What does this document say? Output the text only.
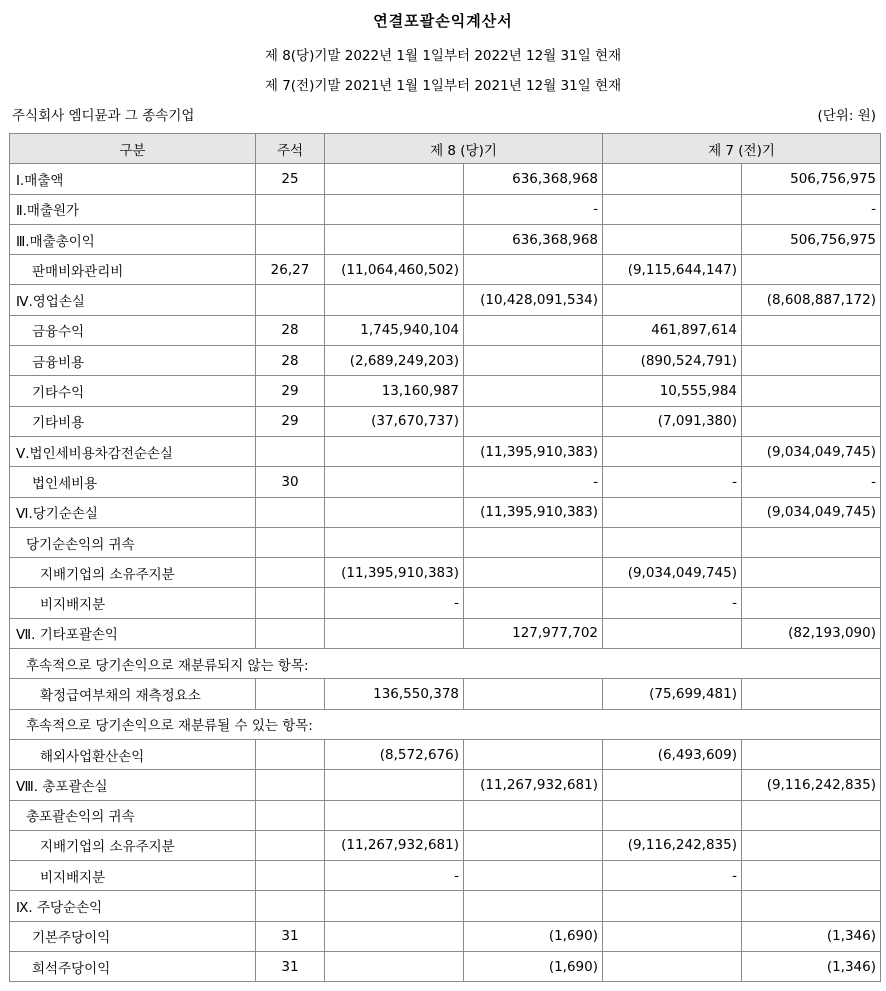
연결포괄손익계산서
제 8(당)기말 2022년 1월 1일부터 2022년 12월 31일 현재
제 7(전)기말 2021년 1월 1일부터 2021년 12월 31일 현재
주식회사 엠디뮨과 그 종속기업	(단위: 원)
구분	주석	제 8 (당)기		제 7 (전)기	
Ⅰ.매출액	25		636,368,968		506,756,975
Ⅱ.매출원가			-		-
Ⅲ.매출총이익			636,368,968		506,756,975
판매비와관리비	26,27	(11,064,460,502)		(9,115,644,147)	
Ⅳ.영업손실			(10,428,091,534)		(8,608,887,172)
금융수익	28	1,745,940,104		461,897,614	
금융비용	28	(2,689,249,203)		(890,524,791)	
기타수익	29	13,160,987		10,555,984	
기타비용	29	(37,670,737)		(7,091,380)	
Ⅴ.법인세비용차감전순손실			(11,395,910,383)		(9,034,049,745)
법인세비용	30		-	-	-
Ⅵ.당기순손실			(11,395,910,383)		(9,034,049,745)
당기순손익의 귀속					
지배기업의 소유주지분		(11,395,910,383)		(9,034,049,745)	
비지배지분		-		-	
Ⅶ. 기타포괄손익			127,977,702		(82,193,090)
후속적으로 당기손익으로 재분류되지 않는 항목:					
확정급여부채의 재측정요소		136,550,378		(75,699,481)	
후속적으로 당기손익으로 재분류될 수 있는 항목:					
해외사업환산손익		(8,572,676)		(6,493,609)	
Ⅷ. 총포괄손실			(11,267,932,681)		(9,116,242,835)
총포괄손익의 귀속					
지배기업의 소유주지분		(11,267,932,681)		(9,116,242,835)	
비지배지분		-		-	
Ⅸ. 주당순손익					
기본주당이익	31		(1,690)		(1,346)
희석주당이익	31		(1,690)		(1,346)
